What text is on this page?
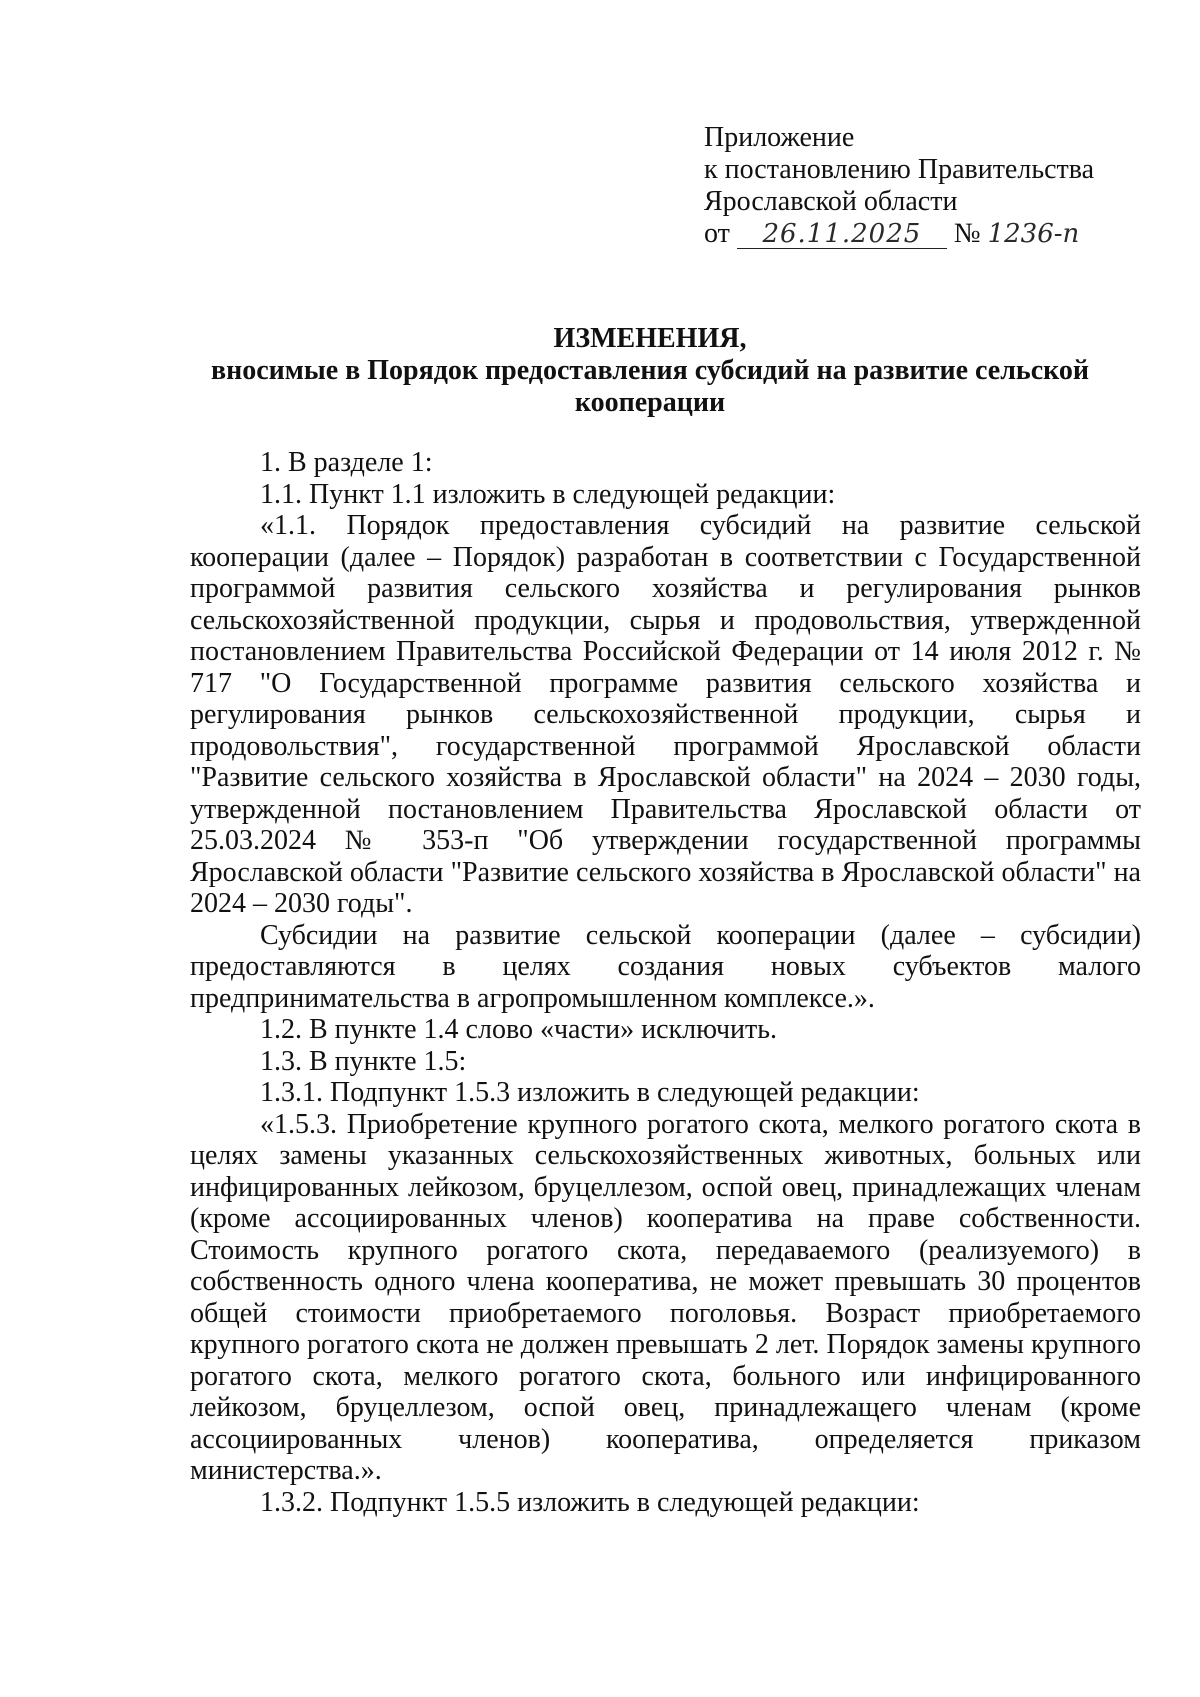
Приложение
к постановлению Правительства
Ярославской области
от 26.11.2025 № 1236-п
ИЗМЕНЕНИЯ,
вносимые в Порядок предоставления субсидий на развитие сельской
кооперации

1. В разделе 1:

1.1. Пункт 1.1 изложить в следующей редакции:

«1.1. Порядок предоставления субсидий на развитие сельской кооперации (далее – Порядок) разработан в соответствии с Государственной программой развития сельского хозяйства и регулирования рынков сельскохозяйственной продукции, сырья и продовольствия, утвержденной постановлением Правительства Российской Федерации от 14 июля 2012 г. № 717 "О Государственной программе развития сельского хозяйства и регулирования рынков сельскохозяйственной продукции, сырья и продовольствия", государственной программой Ярославской области "Развитие сельского хозяйства в Ярославской области" на 2024 – 2030 годы, утвержденной постановлением Правительства Ярославской области от 25.03.2024 № 353-п "Об утверждении государственной программы Ярославской области "Развитие сельского хозяйства в Ярославской области" на 2024 – 2030 годы".

Субсидии на развитие сельской кооперации (далее – субсидии) предоставляются в целях создания новых субъектов малого предпринимательства в агропромышленном комплексе.».

1.2. В пункте 1.4 слово «части» исключить.

1.3. В пункте 1.5:

1.3.1. Подпункт 1.5.3 изложить в следующей редакции:

«1.5.3. Приобретение крупного рогатого скота, мелкого рогатого скота в целях замены указанных сельскохозяйственных животных, больных или инфицированных лейкозом, бруцеллезом, оспой овец, принадлежащих членам (кроме ассоциированных членов) кооператива на праве собственности. Стоимость крупного рогатого скота, передаваемого (реализуемого) в собственность одного члена кооператива, не может превышать 30 процентов общей стоимости приобретаемого поголовья. Возраст приобретаемого крупного рогатого скота не должен превышать 2 лет. Порядок замены крупного рогатого скота, мелкого рогатого скота, больного или инфицированного лейкозом, бруцеллезом, оспой овец, принадлежащего членам (кроме ассоциированных членов) кооператива, определяется приказом министерства.».

1.3.2. Подпункт 1.5.5 изложить в следующей редакции:
